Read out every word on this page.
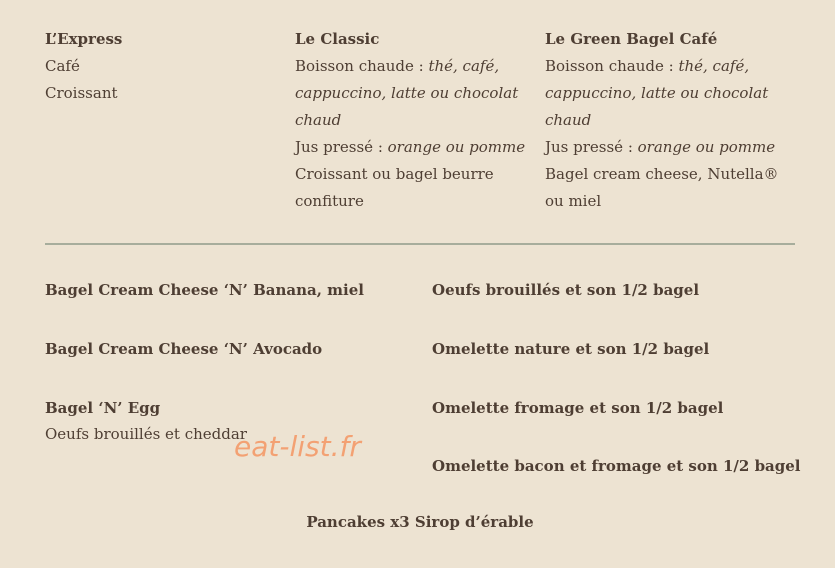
L’Express
Café
Croissant
Le Classic
Boisson chaude : thé, café,
cappuccino, latte ou chocolat
chaud
Jus pressé : orange ou pomme
Croissant ou bagel beurre
confiture
Le Green Bagel Café
Boisson chaude : thé, café,
cappuccino, latte ou chocolat
chaud
Jus pressé : orange ou pomme
Bagel cream cheese, Nutella®
ou miel
Bagel Cream Cheese ‘N’ Banana, miel
Bagel Cream Cheese ‘N’ Avocado
Bagel ‘N’ Egg
Oeufs brouillés et cheddar
Oeufs brouillés et son 1/2 bagel
Omelette nature et son 1/2 bagel
Omelette fromage et son 1/2 bagel
Omelette bacon et fromage et son 1/2 bagel
eat-list.fr
Pancakes x3 Sirop d’érable
